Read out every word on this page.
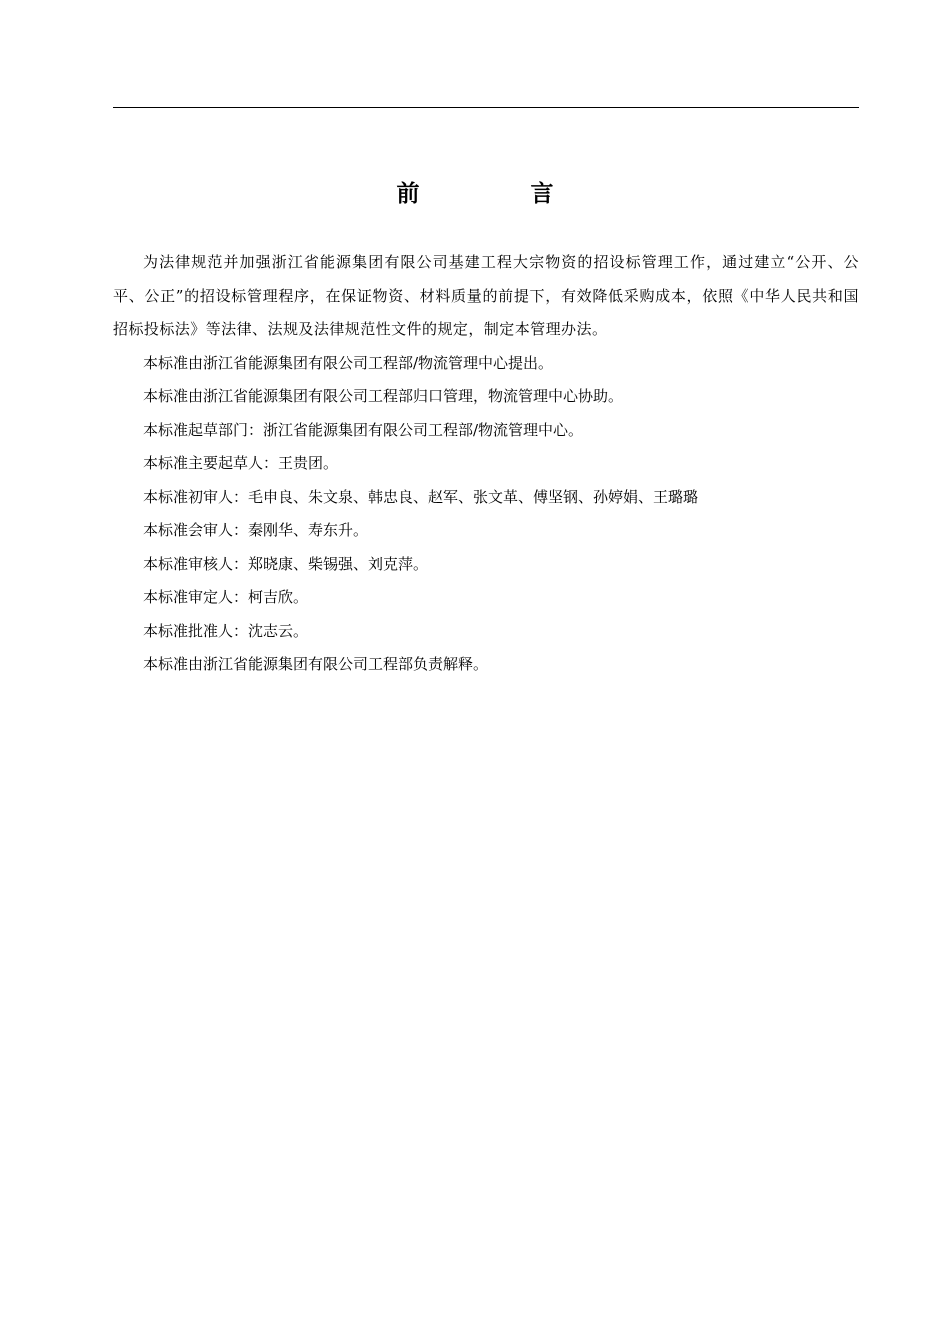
前　言

为法律规范并加强浙江省能源集团有限公司基建工程大宗物资的招设标管理工作，通过建立“公开、公平、公正”的招设标管理程序，在保证物资、材料质量的前提下，有效降低采购成本，依照《中华人民共和国招标投标法》等法律、法规及法律规范性文件的规定，制定本管理办法。

本标准由浙江省能源集团有限公司工程部/物流管理中心提出。

本标准由浙江省能源集团有限公司工程部归口管理，物流管理中心协助。

本标准起草部门：浙江省能源集团有限公司工程部/物流管理中心。

本标准主要起草人：王贵团。

本标准初审人：毛申良、朱文泉、韩忠良、赵军、张文革、傅坚钢、孙婷娟、王璐璐

本标准会审人：秦刚华、寿东升。

本标准审核人：郑晓康、柴锡强、刘克萍。

本标准审定人：柯吉欣。

本标准批准人：沈志云。

本标准由浙江省能源集团有限公司工程部负责解释。
